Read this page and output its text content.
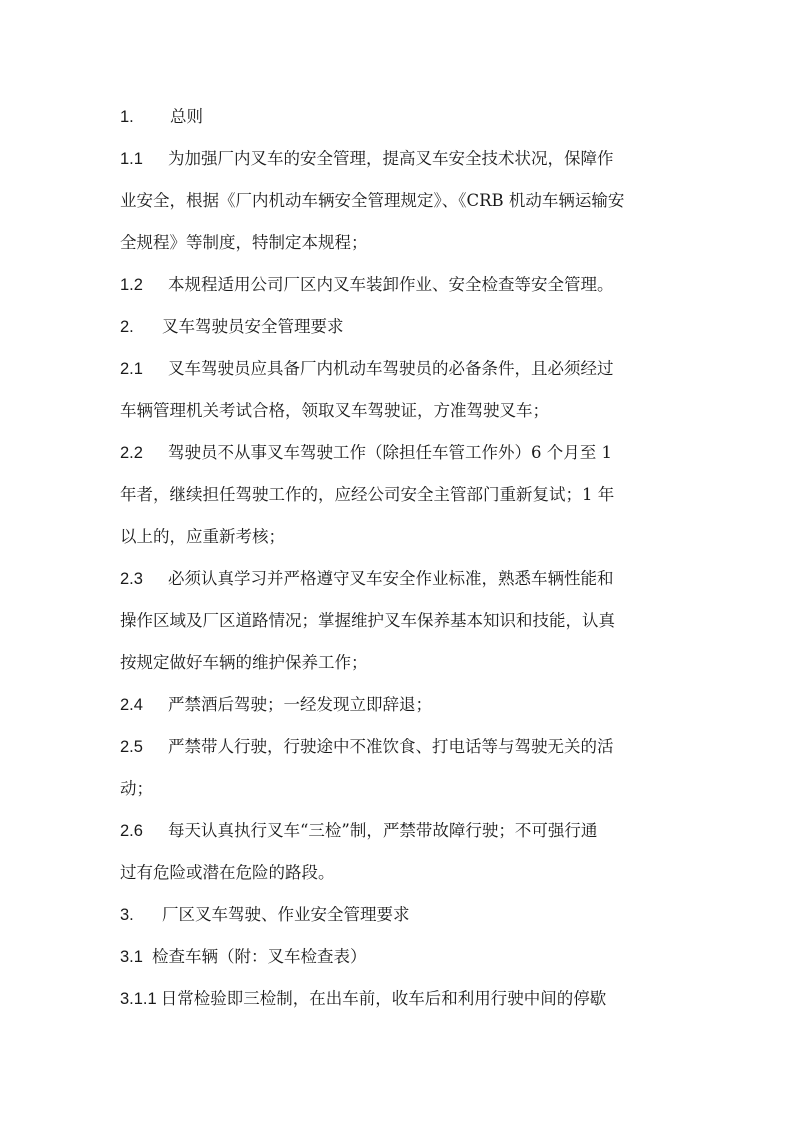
1. 总则
1.1 为加强厂内叉车的安全管理，提高叉车安全技术状况，保障作
业安全，根据《厂内机动车辆安全管理规定》、《CRB 机动车辆运输安
全规程》等制度，特制定本规程；
1.2 本规程适用公司厂区内叉车装卸作业、安全检查等安全管理。
2. 叉车驾驶员安全管理要求
2.1 叉车驾驶员应具备厂内机动车驾驶员的必备条件，且必须经过
车辆管理机关考试合格，领取叉车驾驶证，方准驾驶叉车；
2.2 驾驶员不从事叉车驾驶工作（除担任车管工作外）6 个月至 1
年者，继续担任驾驶工作的，应经公司安全主管部门重新复试；1 年
以上的，应重新考核；
2.3 必须认真学习并严格遵守叉车安全作业标准，熟悉车辆性能和
操作区域及厂区道路情况；掌握维护叉车保养基本知识和技能，认真
按规定做好车辆的维护保养工作；
2.4 严禁酒后驾驶；一经发现立即辞退；
2.5 严禁带人行驶，行驶途中不准饮食、打电话等与驾驶无关的活
动；
2.6 每天认真执行叉车“三检”制，严禁带故障行驶；不可强行通
过有危险或潜在危险的路段。
3. 厂区叉车驾驶、作业安全管理要求
3.1 检查车辆（附：叉车检查表）
3.1.1 日常检验即三检制，在出车前，收车后和利用行驶中间的停歇
